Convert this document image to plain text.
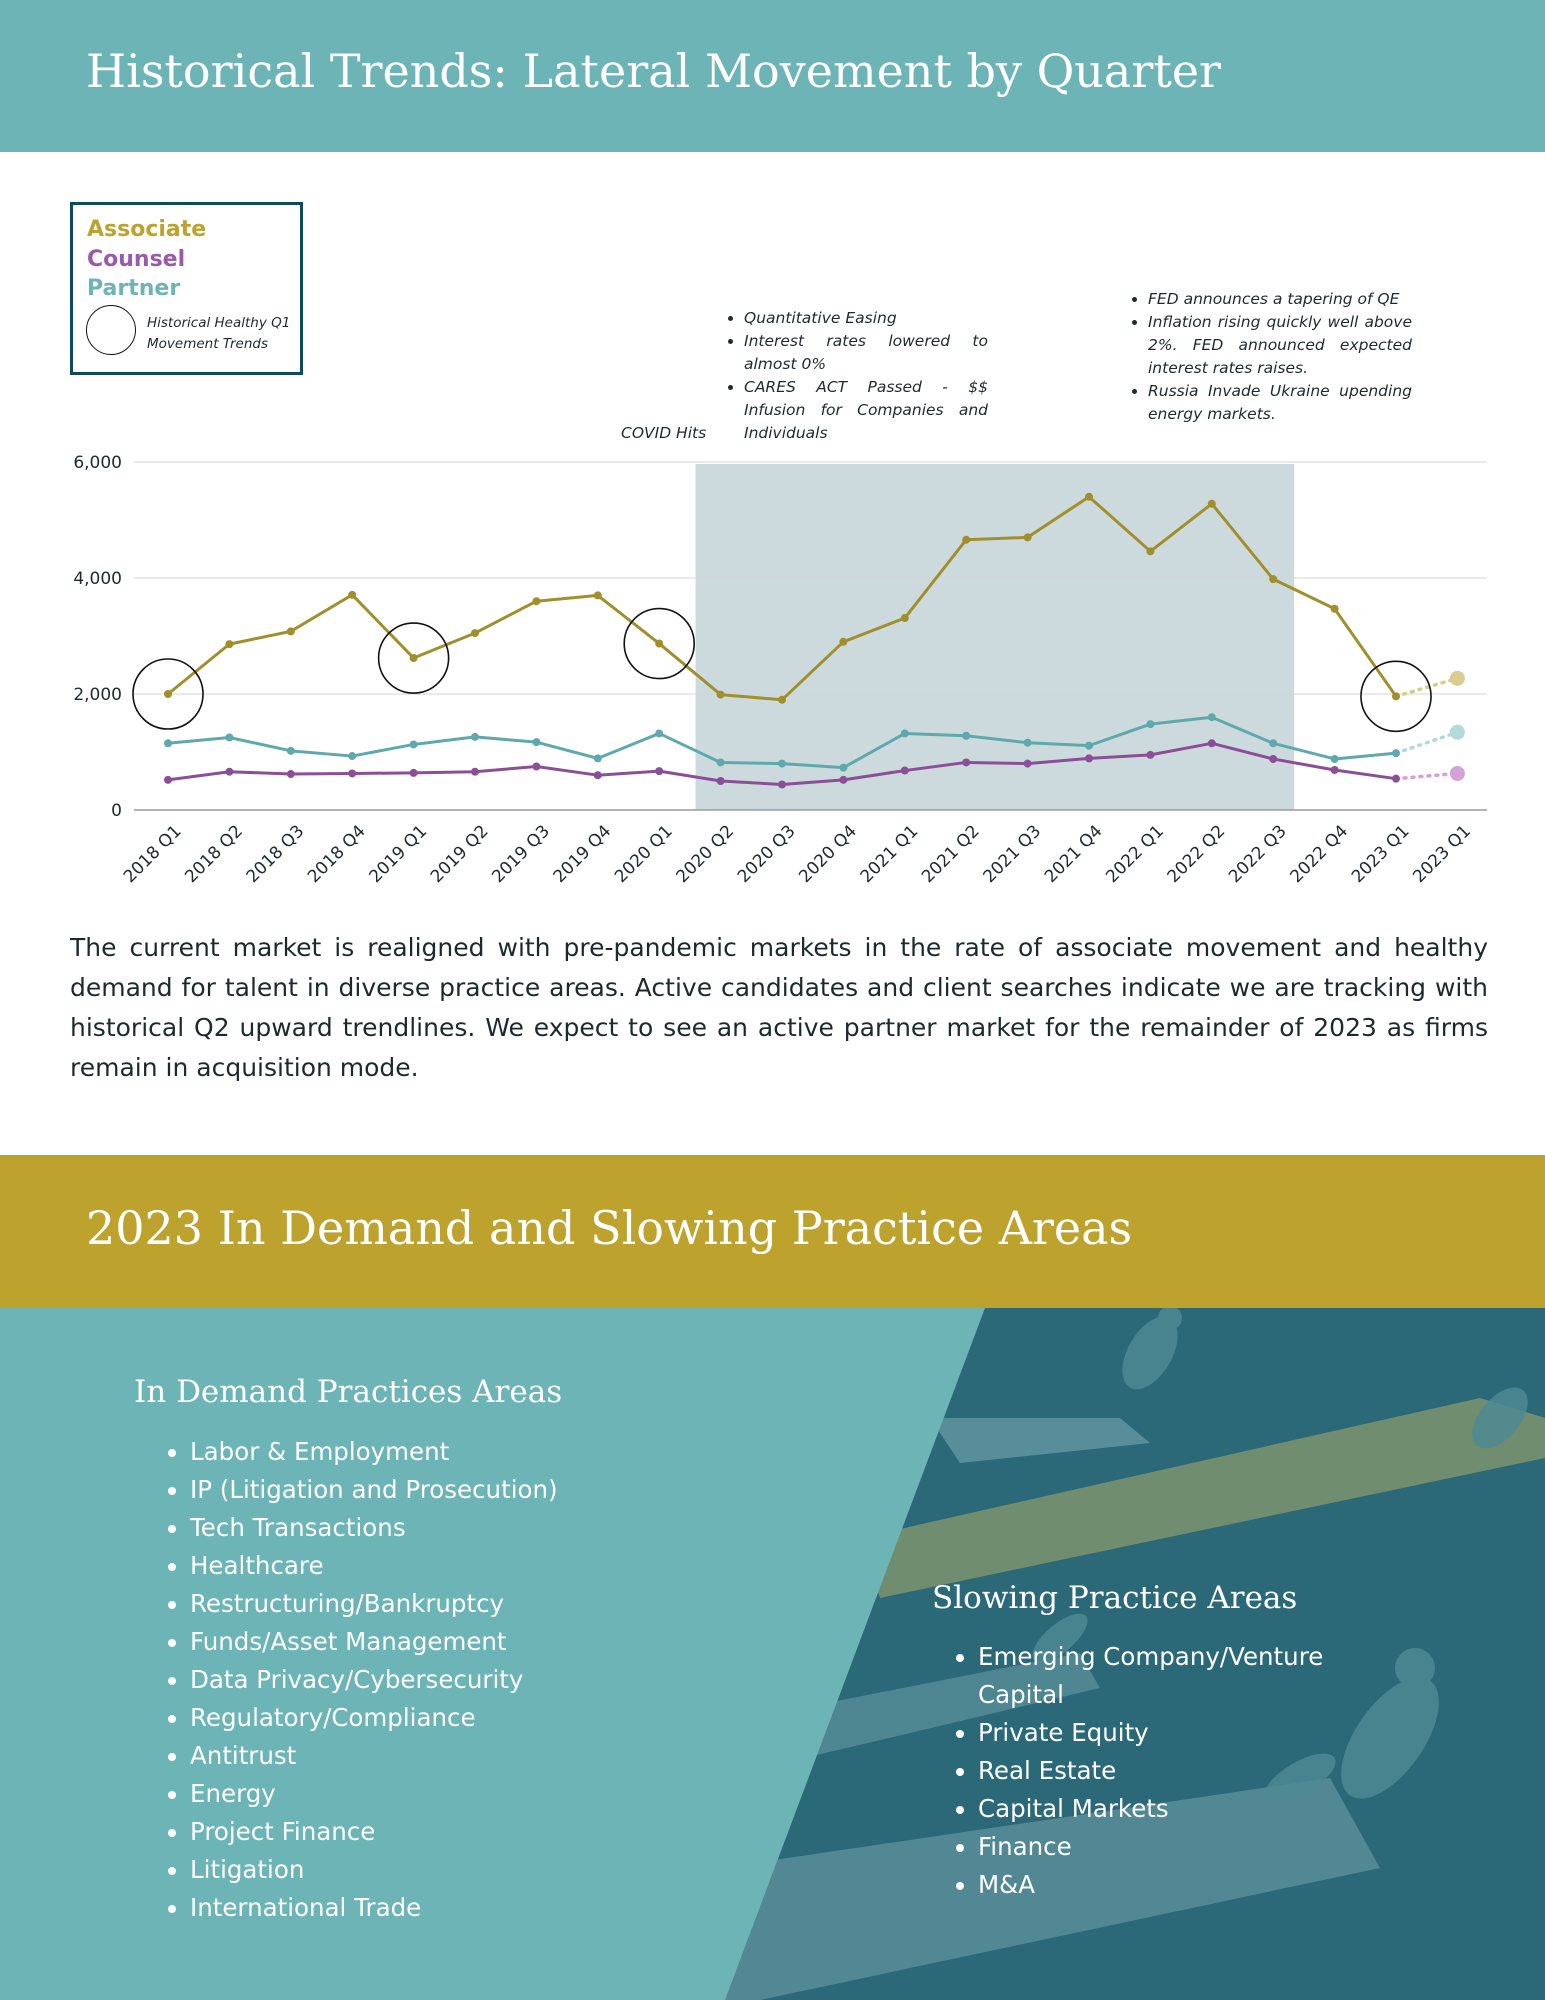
Historical Trends: Lateral Movement by Quarter
0
2,000
4,000
6,000
2018 Q1
2018 Q2
2018 Q3
2018 Q4
2019 Q1
2019 Q2
2019 Q3
2019 Q4
2020 Q1
2020 Q2
2020 Q3
2020 Q4
2021 Q1
2021 Q2
2021 Q3
2021 Q4
2022 Q1
2022 Q2
2022 Q3
2022 Q4
2023 Q1
2023 Q1
Associate
Counsel
Partner
Historical Healthy Q1 Movement Trends
COVID Hits
• Quantitative Easing
• Interest rates lowered to almost 0%
• CARES ACT Passed - $$ Infusion for Companies and Individuals
• FED announces a tapering of QE
• Inflation rising quickly well above 2%. FED announced expected interest rates raises.
• Russia Invade Ukraine upending energy markets.
The current market is realigned with pre-pandemic markets in the rate of associate movement and healthy demand for talent in diverse practice areas. Active candidates and client searches indicate we are tracking with historical Q2 upward trendlines. We expect to see an active partner market for the remainder of 2023 as firms remain in acquisition mode.
2023 In Demand and Slowing Practice Areas
In Demand Practices Areas
• Labor & Employment
• IP (Litigation and Prosecution)
• Tech Transactions
• Healthcare
• Restructuring/Bankruptcy
• Funds/Asset Management
• Data Privacy/Cybersecurity
• Regulatory/Compliance
• Antitrust
• Energy
• Project Finance
• Litigation
• International Trade
Slowing Practice Areas
• Emerging Company/Venture Capital
• Private Equity
• Real Estate
• Capital Markets
• Finance
• M&A
